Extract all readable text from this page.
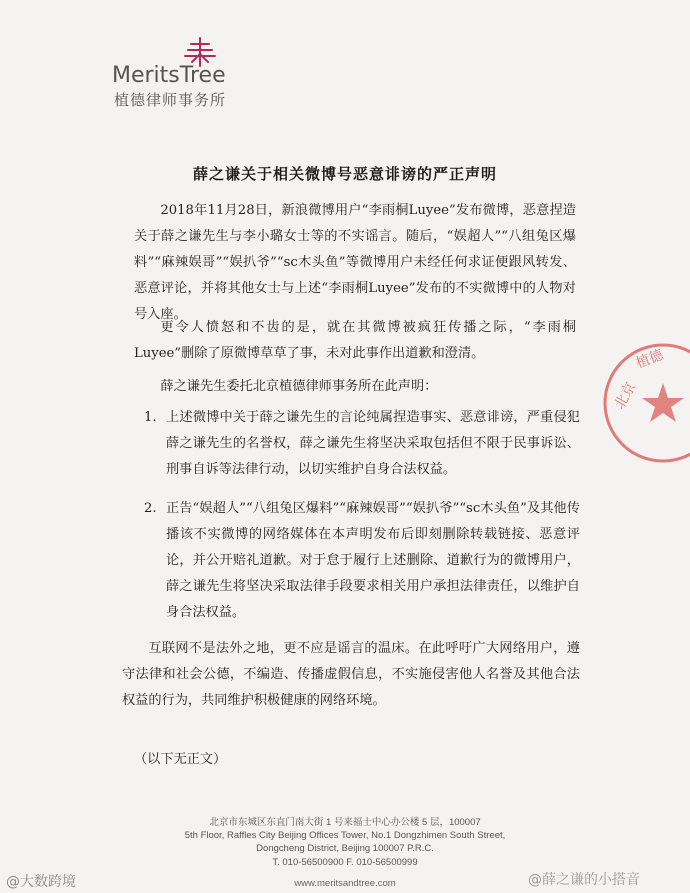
MeritsTree
植德律师事务所
薛之谦关于相关微博号恶意诽谤的严正声明
2018年11月28日，新浪微博用户“李雨桐Luyee”发布微博，恶意捏造关于薛之谦先生与李小璐女士等的不实谣言。随后，“娱超人”“八组兔区爆料”“麻辣娱哥”“娱扒爷”“sc木头鱼”等微博用户未经任何求证便跟风转发、恶意评论，并将其他女士与上述“李雨桐Luyee”发布的不实微博中的人物对号入座。
更令人愤怒和不齿的是，就在其微博被疯狂传播之际，“李雨桐Luyee”删除了原微博草草了事，未对此事作出道歉和澄清。
薛之谦先生委托北京植德律师事务所在此声明：
1. 上述微博中关于薛之谦先生的言论纯属捏造事实、恶意诽谤，严重侵犯薛之谦先生的名誉权，薛之谦先生将坚决采取包括但不限于民事诉讼、刑事自诉等法律行动，以切实维护自身合法权益。
2. 正告“娱超人”“八组兔区爆料”“麻辣娱哥”“娱扒爷”“sc木头鱼”及其他传播该不实微博的网络媒体在本声明发布后即刻删除转载链接、恶意评论，并公开赔礼道歉。对于怠于履行上述删除、道歉行为的微博用户，薛之谦先生将坚决采取法律手段要求相关用户承担法律责任，以维护自身合法权益。
互联网不是法外之地，更不应是谣言的温床。在此呼吁广大网络用户，遵守法律和社会公德，不编造、传播虚假信息，不实施侵害他人名誉及其他合法权益的行为，共同维护积极健康的网络环境。
（以下无正文）
北京市东城区东直门南大街 1 号来福士中心办公楼 5 层，100007
5th Floor, Raffles City Beijing Offices Tower, No.1 Dongzhimen South Street,
Dongcheng District, Beijing 100007 P.R.C.
T. 010-56500900 F. 010-56500999
www.meritsandtree.com
北京
植德
@大数跨境	@薛之谦的小搭音
